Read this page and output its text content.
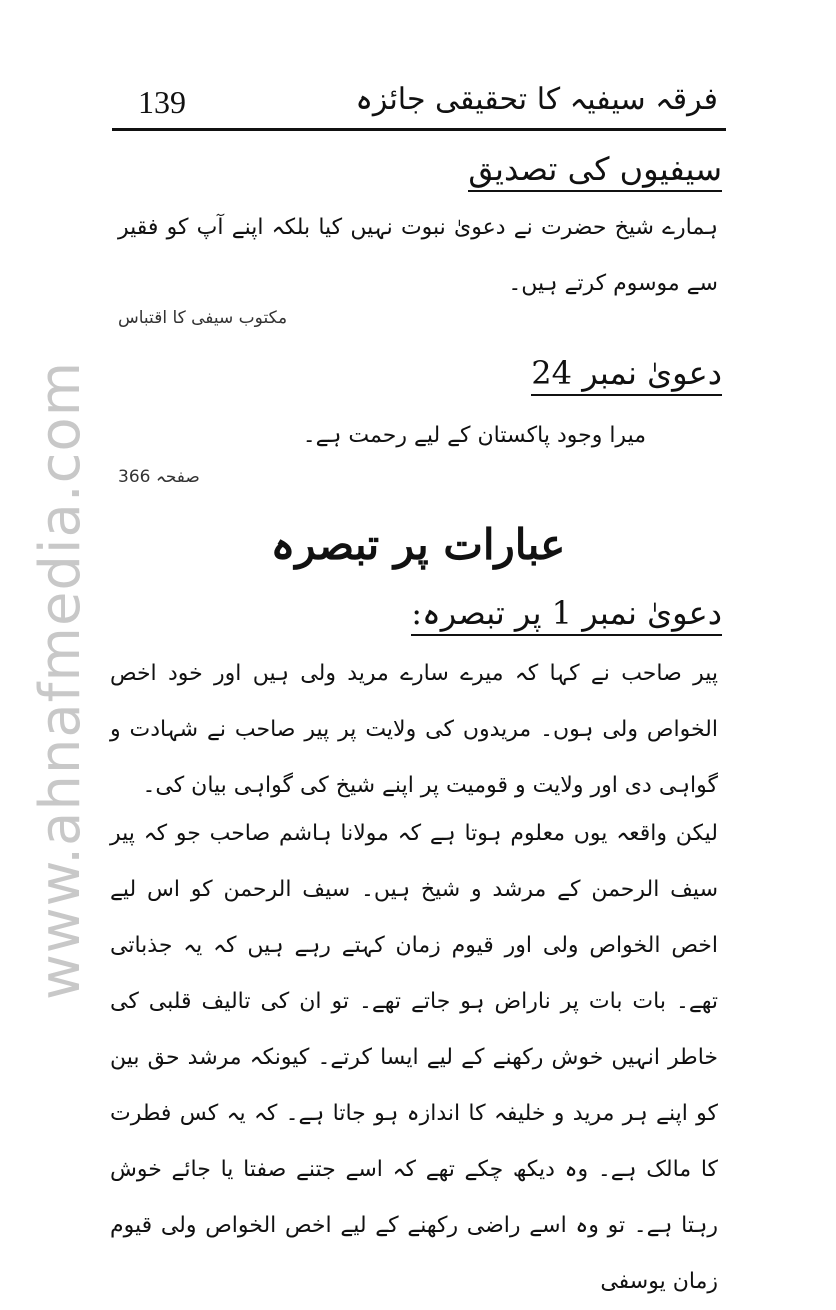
www.ahnafmedia.com
فرقہ سیفیہ کا تحقیقی جائزہ
139
سیفیوں کی تصدیق
ہمارے شیخ حضرت نے دعویٰ نبوت نہیں کیا بلکہ اپنے آپ کو فقیر سے موسوم کرتے ہیں۔
مکتوب سیفی کا اقتباس
دعویٰ نمبر 24
میرا وجود پاکستان کے لیے رحمت ہے۔
صفحہ 366
عبارات پر تبصرہ
دعویٰ نمبر 1 پر تبصرہ:
پیر صاحب نے کہا کہ میرے سارے مرید ولی ہیں اور خود اخص الخواص ولی ہوں۔ مریدوں کی ولایت پر پیر صاحب نے شہادت و گواہی دی اور ولایت و قومیت پر اپنے شیخ کی گواہی بیان کی۔
لیکن واقعہ یوں معلوم ہوتا ہے کہ مولانا ہاشم صاحب جو کہ پیر سیف الرحمن کے مرشد و شیخ ہیں۔ سیف الرحمن کو اس لیے اخص الخواص ولی اور قیوم زمان کہتے رہے ہیں کہ یہ جذباتی تھے۔ بات بات پر ناراض ہو جاتے تھے۔ تو ان کی تالیف قلبی کی خاطر انہیں خوش رکھنے کے لیے ایسا کرتے۔ کیونکہ مرشد حق بین کو اپنے ہر مرید و خلیفہ کا اندازہ ہو جاتا ہے۔ کہ یہ کس فطرت کا مالک ہے۔ وہ دیکھ چکے تھے کہ اسے جتنے صفتا یا جائے خوش رہتا ہے۔ تو وہ اسے راضی رکھنے کے لیے اخص الخواص ولی قیوم زمان یوسفی
